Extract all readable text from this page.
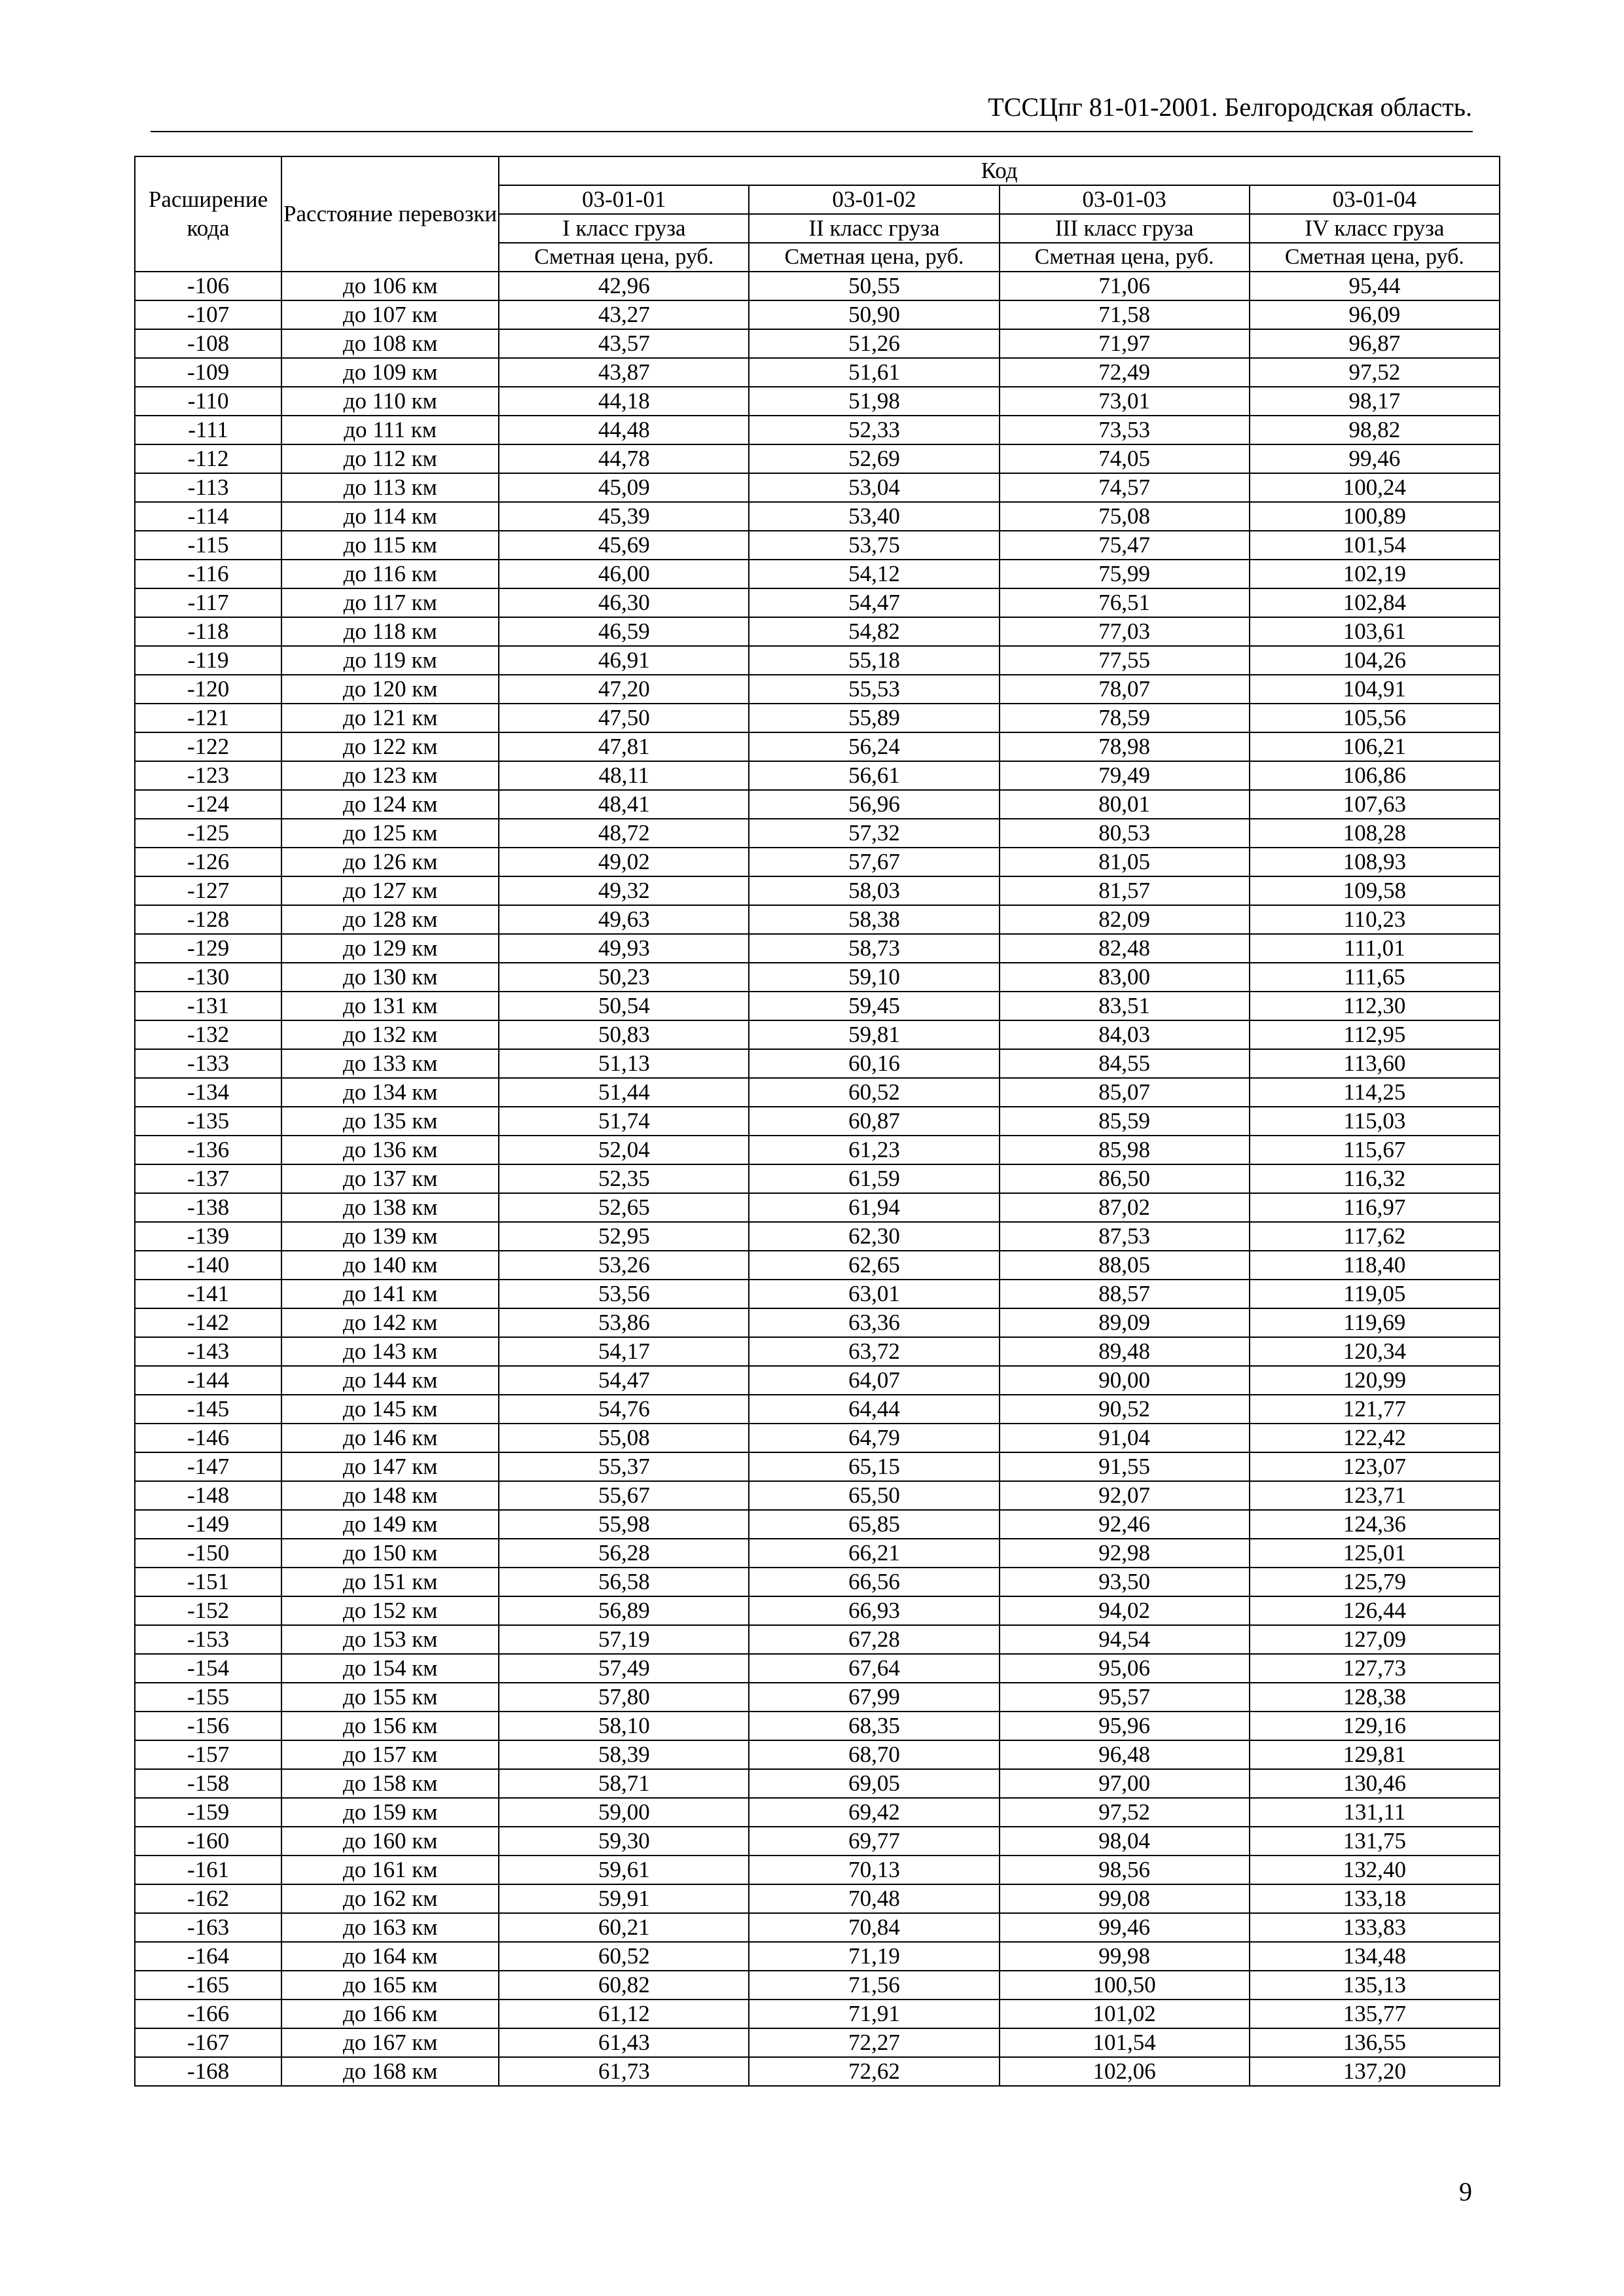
ТССЦпг 81-01-2001. Белгородская область.
Расширение кода	Расстояние перевозки	Код			
		03-01-01	03-01-02	03-01-03	03-01-04
		I класс груза	II класс груза	III класс груза	IV класс груза
		Сметная цена, руб.	Сметная цена, руб.	Сметная цена, руб.	Сметная цена, руб.
-106	до 106 км	42,96	50,55	71,06	95,44
-107	до 107 км	43,27	50,90	71,58	96,09
-108	до 108 км	43,57	51,26	71,97	96,87
-109	до 109 км	43,87	51,61	72,49	97,52
-110	до 110 км	44,18	51,98	73,01	98,17
-111	до 111 км	44,48	52,33	73,53	98,82
-112	до 112 км	44,78	52,69	74,05	99,46
-113	до 113 км	45,09	53,04	74,57	100,24
-114	до 114 км	45,39	53,40	75,08	100,89
-115	до 115 км	45,69	53,75	75,47	101,54
-116	до 116 км	46,00	54,12	75,99	102,19
-117	до 117 км	46,30	54,47	76,51	102,84
-118	до 118 км	46,59	54,82	77,03	103,61
-119	до 119 км	46,91	55,18	77,55	104,26
-120	до 120 км	47,20	55,53	78,07	104,91
-121	до 121 км	47,50	55,89	78,59	105,56
-122	до 122 км	47,81	56,24	78,98	106,21
-123	до 123 км	48,11	56,61	79,49	106,86
-124	до 124 км	48,41	56,96	80,01	107,63
-125	до 125 км	48,72	57,32	80,53	108,28
-126	до 126 км	49,02	57,67	81,05	108,93
-127	до 127 км	49,32	58,03	81,57	109,58
-128	до 128 км	49,63	58,38	82,09	110,23
-129	до 129 км	49,93	58,73	82,48	111,01
-130	до 130 км	50,23	59,10	83,00	111,65
-131	до 131 км	50,54	59,45	83,51	112,30
-132	до 132 км	50,83	59,81	84,03	112,95
-133	до 133 км	51,13	60,16	84,55	113,60
-134	до 134 км	51,44	60,52	85,07	114,25
-135	до 135 км	51,74	60,87	85,59	115,03
-136	до 136 км	52,04	61,23	85,98	115,67
-137	до 137 км	52,35	61,59	86,50	116,32
-138	до 138 км	52,65	61,94	87,02	116,97
-139	до 139 км	52,95	62,30	87,53	117,62
-140	до 140 км	53,26	62,65	88,05	118,40
-141	до 141 км	53,56	63,01	88,57	119,05
-142	до 142 км	53,86	63,36	89,09	119,69
-143	до 143 км	54,17	63,72	89,48	120,34
-144	до 144 км	54,47	64,07	90,00	120,99
-145	до 145 км	54,76	64,44	90,52	121,77
-146	до 146 км	55,08	64,79	91,04	122,42
-147	до 147 км	55,37	65,15	91,55	123,07
-148	до 148 км	55,67	65,50	92,07	123,71
-149	до 149 км	55,98	65,85	92,46	124,36
-150	до 150 км	56,28	66,21	92,98	125,01
-151	до 151 км	56,58	66,56	93,50	125,79
-152	до 152 км	56,89	66,93	94,02	126,44
-153	до 153 км	57,19	67,28	94,54	127,09
-154	до 154 км	57,49	67,64	95,06	127,73
-155	до 155 км	57,80	67,99	95,57	128,38
-156	до 156 км	58,10	68,35	95,96	129,16
-157	до 157 км	58,39	68,70	96,48	129,81
-158	до 158 км	58,71	69,05	97,00	130,46
-159	до 159 км	59,00	69,42	97,52	131,11
-160	до 160 км	59,30	69,77	98,04	131,75
-161	до 161 км	59,61	70,13	98,56	132,40
-162	до 162 км	59,91	70,48	99,08	133,18
-163	до 163 км	60,21	70,84	99,46	133,83
-164	до 164 км	60,52	71,19	99,98	134,48
-165	до 165 км	60,82	71,56	100,50	135,13
-166	до 166 км	61,12	71,91	101,02	135,77
-167	до 167 км	61,43	72,27	101,54	136,55
-168	до 168 км	61,73	72,62	102,06	137,20
9
